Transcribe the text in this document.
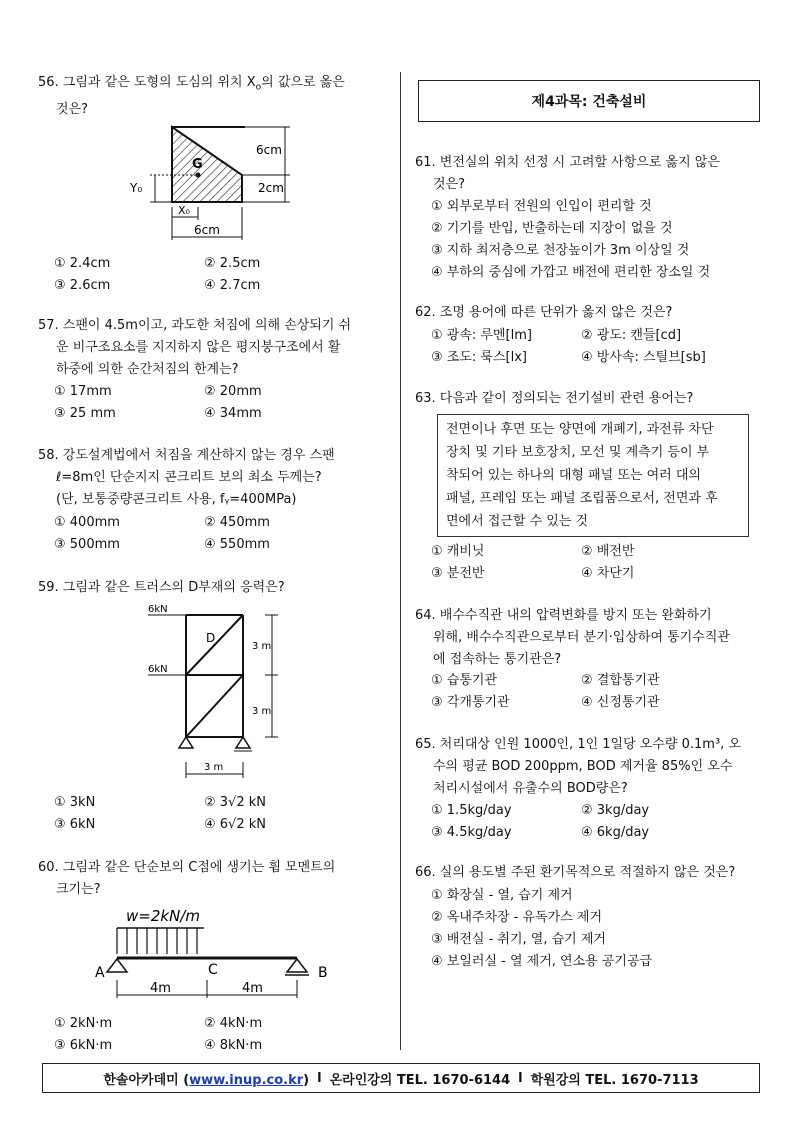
56. 그림과 같은 도형의 도심의 위치 $X_o$의 값으로 옳은
것은?
G
6cm
2cm
Y₀
X₀
6cm
① 2.4cm	② 2.5cm
③ 2.6cm	④ 2.7cm
57. 스팬이 4.5m이고, 과도한 처짐에 의해 손상되기 쉬
운 비구조요소를 지지하지 않은 평지붕구조에서 활
하중에 의한 순간처짐의 한계는?
① 17mm	② 20mm
③ 25 mm	④ 34mm
58. 강도설계법에서 처짐을 계산하지 않는 경우 스팬
ℓ=8m인 단순지지 콘크리트 보의 최소 두께는?
(단, 보통중량콘크리트 사용, fᵧ=400MPa)
① 400mm	② 450mm
③ 500mm	④ 550mm
59. 그림과 같은 트러스의 D부재의 응력은?
6kN
6kN
D
3 m
3 m
3 m
① 3kN	② 3√2 kN
③ 6kN	④ 6√2 kN
60. 그림과 같은 단순보의 C점에 생기는 휨 모멘트의
크기는?
w=2kN/m
A	B
C
4m	4m
① 2kN·m	② 4kN·m
③ 6kN·m	④ 8kN·m
제4과목: 건축설비
61. 변전실의 위치 선정 시 고려할 사항으로 옳지 않은
것은?
① 외부로부터 전원의 인입이 편리할 것
② 기기를 반입, 반출하는데 지장이 없을 것
③ 지하 최저층으로 천장높이가 3m 이상일 것
④ 부하의 중심에 가깝고 배전에 편리한 장소일 것
62. 조명 용어에 따른 단위가 옳지 않은 것은?
① 광속: 루멘[lm]	② 광도: 캔들[cd]
③ 조도: 룩스[lx]	④ 방사속: 스틸브[sb]
63. 다음과 같이 정의되는 전기설비 관련 용어는?
전면이나 후면 또는 양면에 개폐기, 과전류 차단
장치 및 기타 보호장치, 모선 및 계측기 등이 부
착되어 있는 하나의 대형 패널 또는 여러 대의
패널, 프레임 또는 패널 조립품으로서, 전면과 후
면에서 접근할 수 있는 것
① 캐비닛	② 배전반
③ 분전반	④ 차단기
64. 배수수직관 내의 압력변화를 방지 또는 완화하기
위해, 배수수직관으로부터 분기·입상하여 통기수직관
에 접속하는 통기관은?
① 습통기관	② 결합통기관
③ 각개통기관	④ 신정통기관
65. 처리대상 인원 1000인, 1인 1일당 오수량 0.1m³, 오
수의 평균 BOD 200ppm, BOD 제거율 85%인 오수
처리시설에서 유출수의 BOD량은?
① 1.5kg/day	② 3kg/day
③ 4.5kg/day	④ 6kg/day
66. 실의 용도별 주된 환기목적으로 적절하지 않은 것은?
① 화장실 - 열, 습기 제거
② 옥내주차장 - 유독가스 제거
③ 배전실 - 취기, 열, 습기 제거
④ 보일러실 - 열 제거, 연소용 공기공급
한솔아카데미 (www.inup.co.kr) l 온라인강의 TEL. 1670-6144 l 학원강의 TEL. 1670-7113
